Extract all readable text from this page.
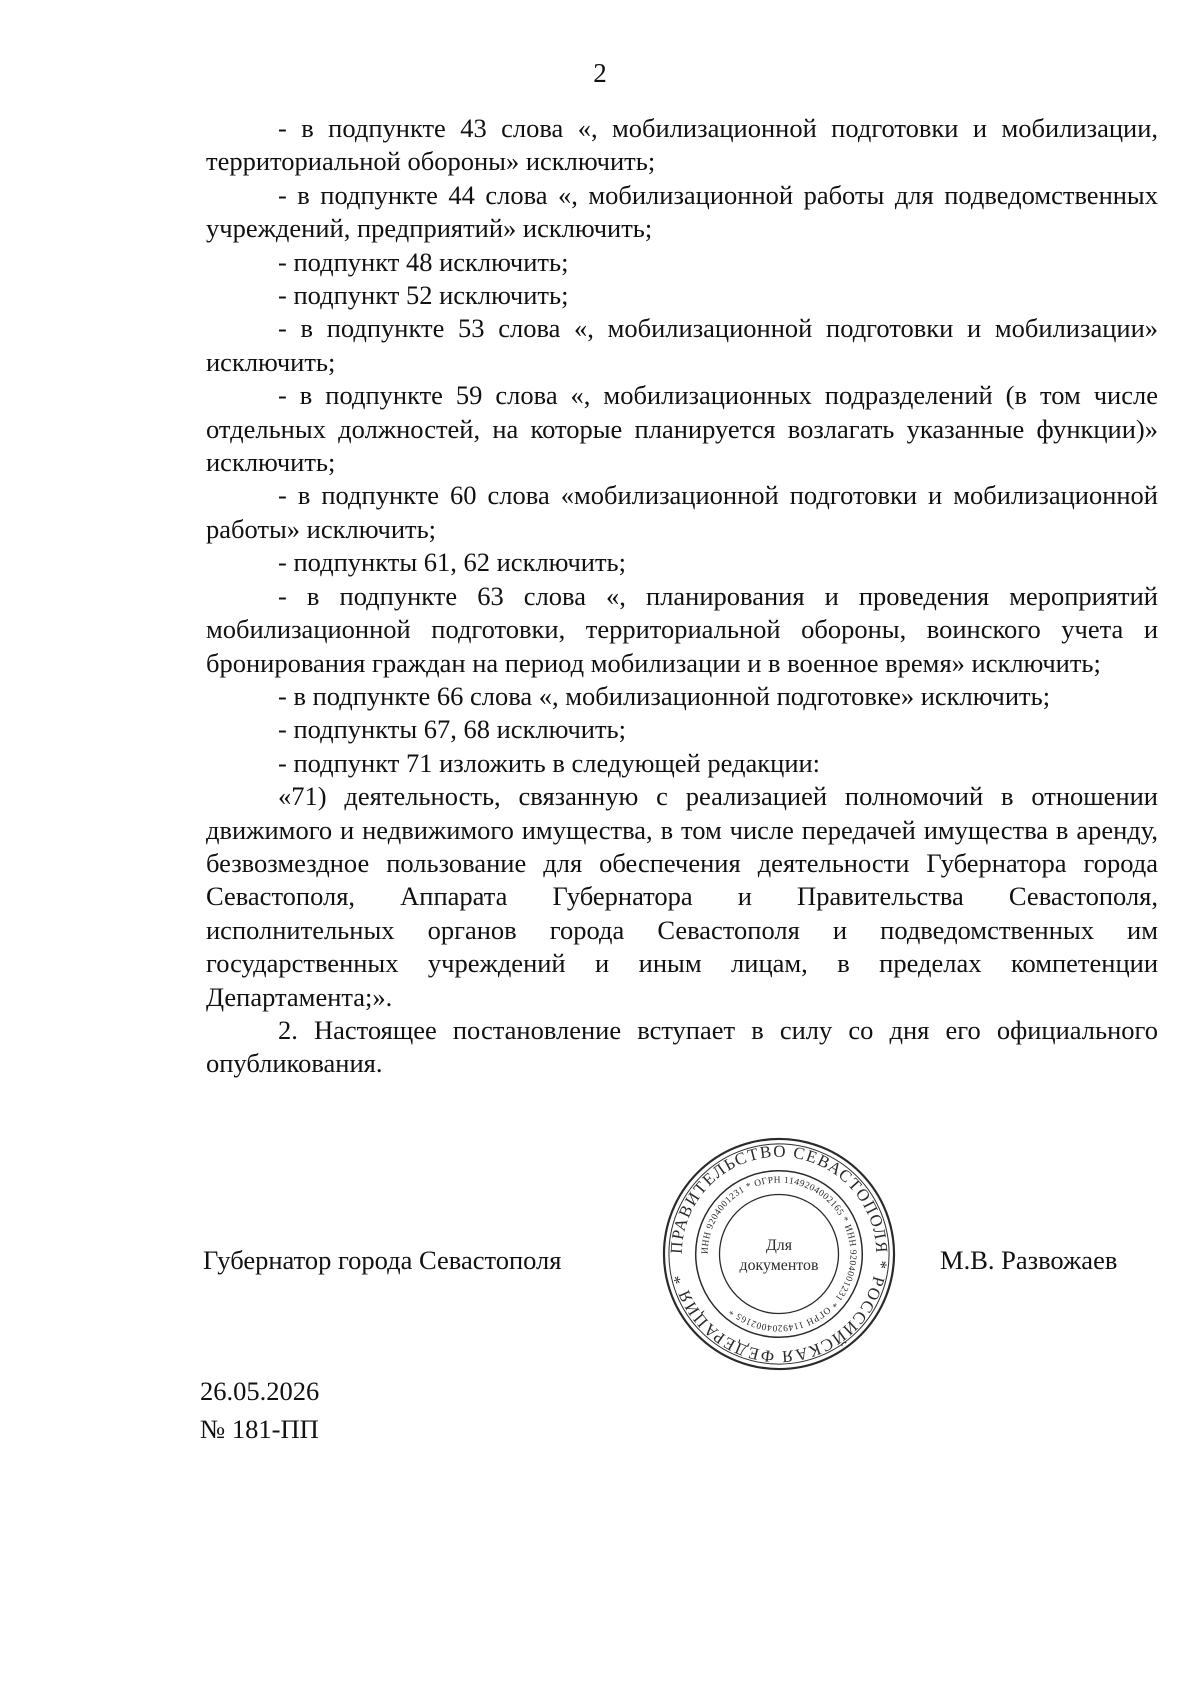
2

- в подпункте 43 слова «, мобилизационной подготовки и мобилизации, территориальной обороны» исключить;

- в подпункте 44 слова «, мобилизационной работы для подведомственных учреждений, предприятий» исключить;

- подпункт 48 исключить;

- подпункт 52 исключить;

- в подпункте 53 слова «, мобилизационной подготовки и мобилизации» исключить;

- в подпункте 59 слова «, мобилизационных подразделений (в том числе отдельных должностей, на которые планируется возлагать указанные функции)» исключить;

- в подпункте 60 слова «мобилизационной подготовки и мобилизационной работы» исключить;

- подпункты 61, 62 исключить;

- в подпункте 63 слова «, планирования и проведения мероприятий мобилизационной подготовки, территориальной обороны, воинского учета и бронирования граждан на период мобилизации и в военное время» исключить;

- в подпункте 66 слова «, мобилизационной подготовке» исключить;

- подпункты 67, 68 исключить;

- подпункт 71 изложить в следующей редакции:

«71) деятельность, связанную с реализацией полномочий в отношении движимого и недвижимого имущества, в том числе передачей имущества в аренду, безвозмездное пользование для обеспечения деятельности Губернатора города Севастополя, Аппарата Губернатора и Правительства Севастополя, исполнительных органов города Севастополя и подведомственных им государственных учреждений и иным лицам, в пределах компетенции Департамента;».

2. Настоящее постановление вступает в силу со дня его официального опубликования.

Губернатор города Севастополя	М.В. Развожаев
ПРАВИТЕЛЬСТВО СЕВАСТОПОЛЯ * РОССИЙСКАЯ ФЕДЕРАЦИЯ *
ИНН 9204001231 * ОГРН 1149204002165 * ИНН 9204001231 * ОГРН 1149204002165 *
Для
документов
26.05.2026
№ 181-ПП
